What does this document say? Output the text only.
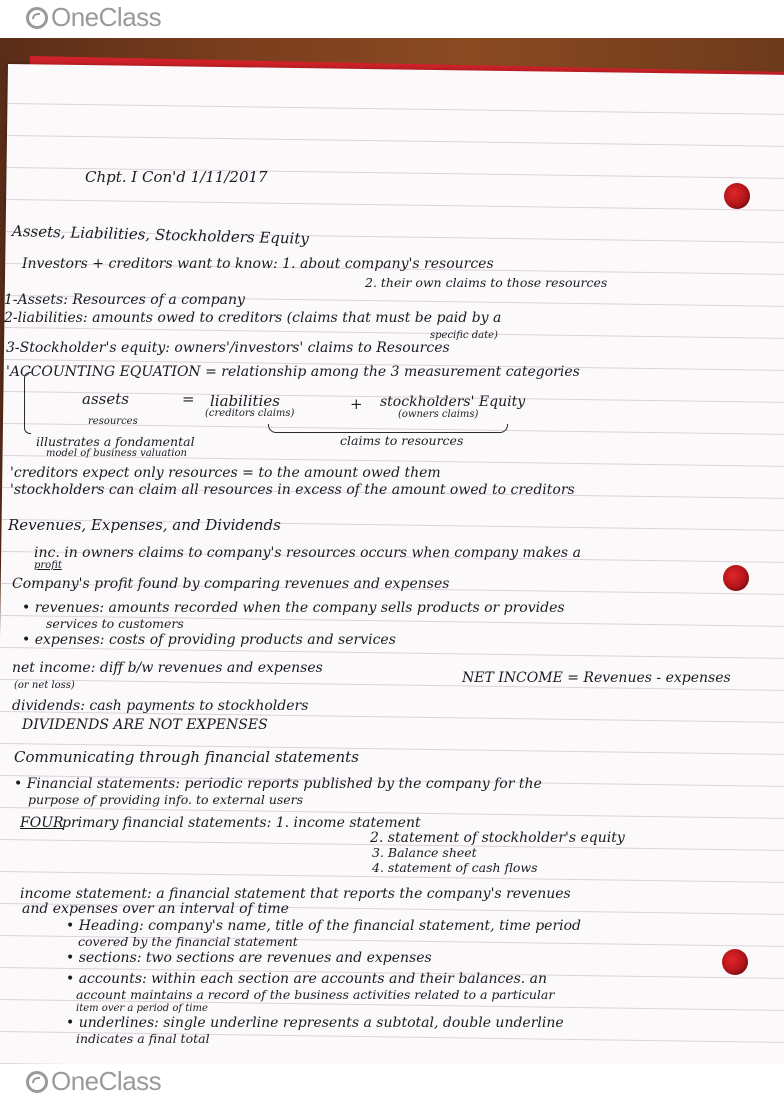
OneClass
Chpt. I Con'd 1/11/2017
Assets, Liabilities, Stockholders Equity
Investors + creditors want to know: 1. about company's resources
2. their own claims to those resources
1-Assets: Resources of a company
2-liabilities: amounts owed to creditors (claims that must be paid by a
specific date)
3-Stockholder's equity: owners'/investors' claims to Resources
'ACCOUNTING EQUATION = relationship among the 3 measurement categories
assets	= liabilities	+ stockholders' Equity
resources
(creditors claims)	(owners claims)
claims to resources
illustrates a fondamental
model of business valuation
'creditors expect only resources = to the amount owed them
'stockholders can claim all resources in excess of the amount owed to creditors
Revenues, Expenses, and Dividends
inc. in owners claims to company's resources occurs when company makes a
profit
Company's profit found by comparing revenues and expenses
• revenues: amounts recorded when the company sells products or provides
services to customers
• expenses: costs of providing products and services
net income: diff b/w revenues and expenses
NET INCOME = Revenues - expenses
(or net loss)
dividends: cash payments to stockholders
DIVIDENDS ARE NOT EXPENSES
Communicating through financial statements
• Financial statements: periodic reports published by the company for the
purpose of providing info. to external users
FOUR
primary financial statements: 1. income statement
2. statement of stockholder's equity
3. Balance sheet
4. statement of cash flows
income statement: a financial statement that reports the company's revenues
and expenses over an interval of time
• Heading: company's name, title of the financial statement, time period
covered by the financial statement
• sections: two sections are revenues and expenses
• accounts: within each section are accounts and their balances. an
account maintains a record of the business activities related to a particular
item over a period of time
• underlines: single underline represents a subtotal, double underline
indicates a final total
OneClass
